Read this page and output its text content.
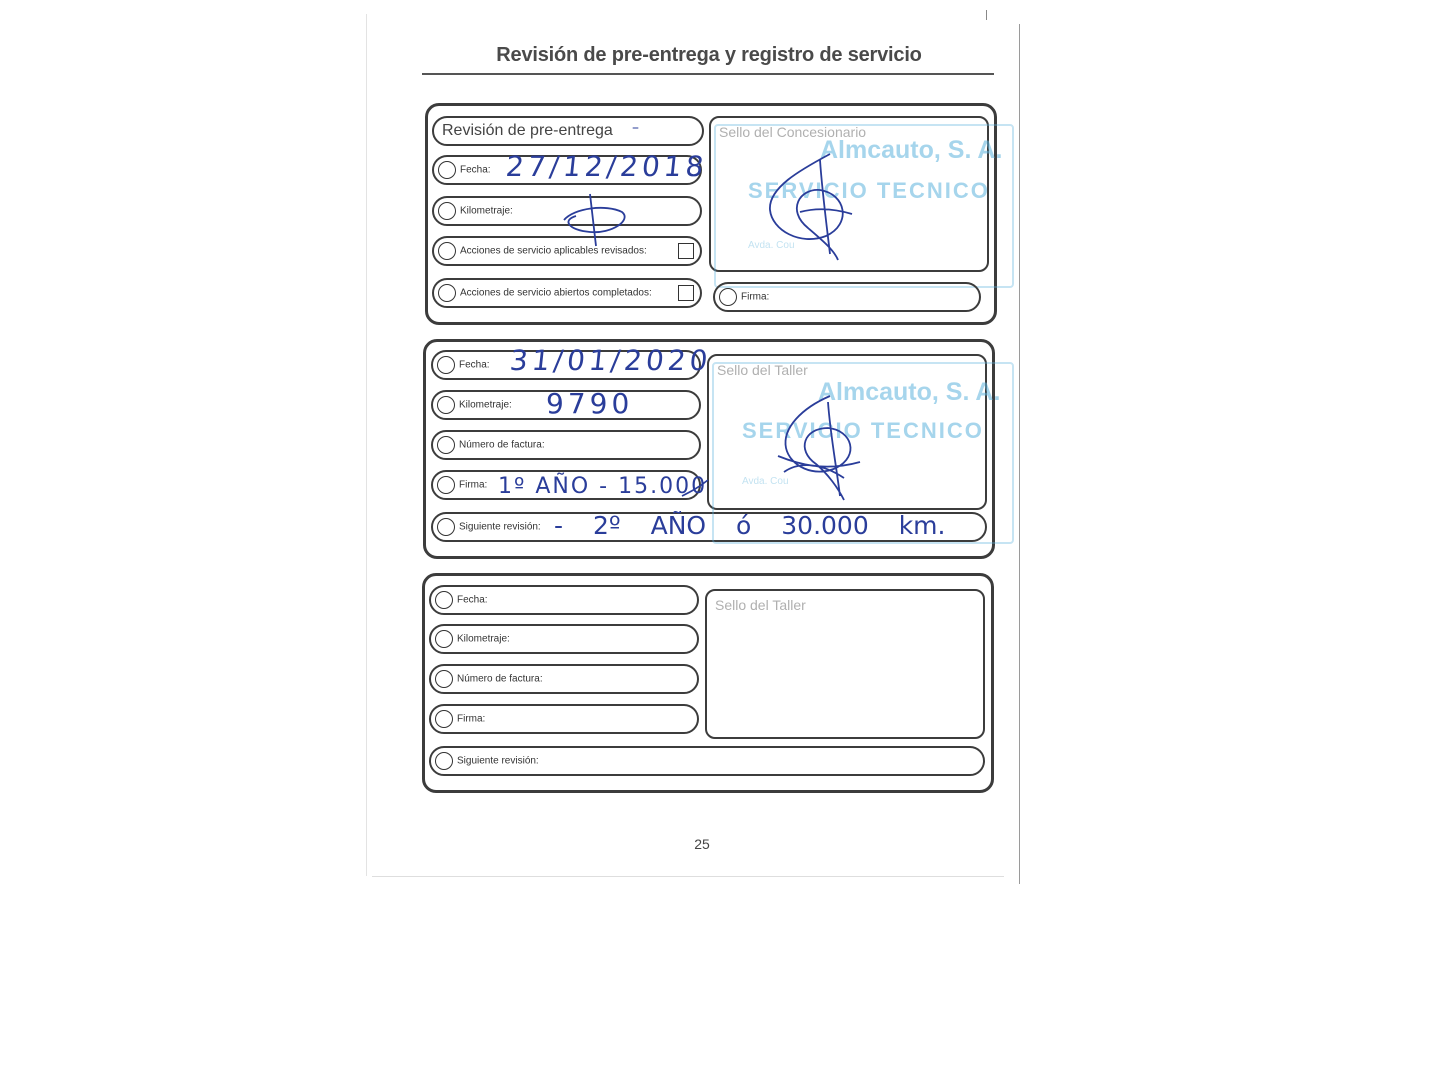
Revisión de pre-entrega y registro de servicio
Revisión de pre-entrega –
Fecha: 27/12/2018
Kilometraje:
Acciones de servicio aplicables revisados:
Acciones de servicio abiertos completados:
Sello del Concesionario
Almcauto, S. A.
SERVICIO TECNICO
Avda. Cou
Firma:
Fecha: 31/01/2020
Kilometraje: 9790
Número de factura:
Firma: 1º AÑO - 15.000
Siguiente revisión: - 2º AÑO ó 30.000 km.
Sello del Taller
Almcauto, S. A.
SERVICIO TECNICO
Avda. Cou
Fecha:
Kilometraje:
Número de factura:
Firma:
Siguiente revisión:
Sello del Taller
25
